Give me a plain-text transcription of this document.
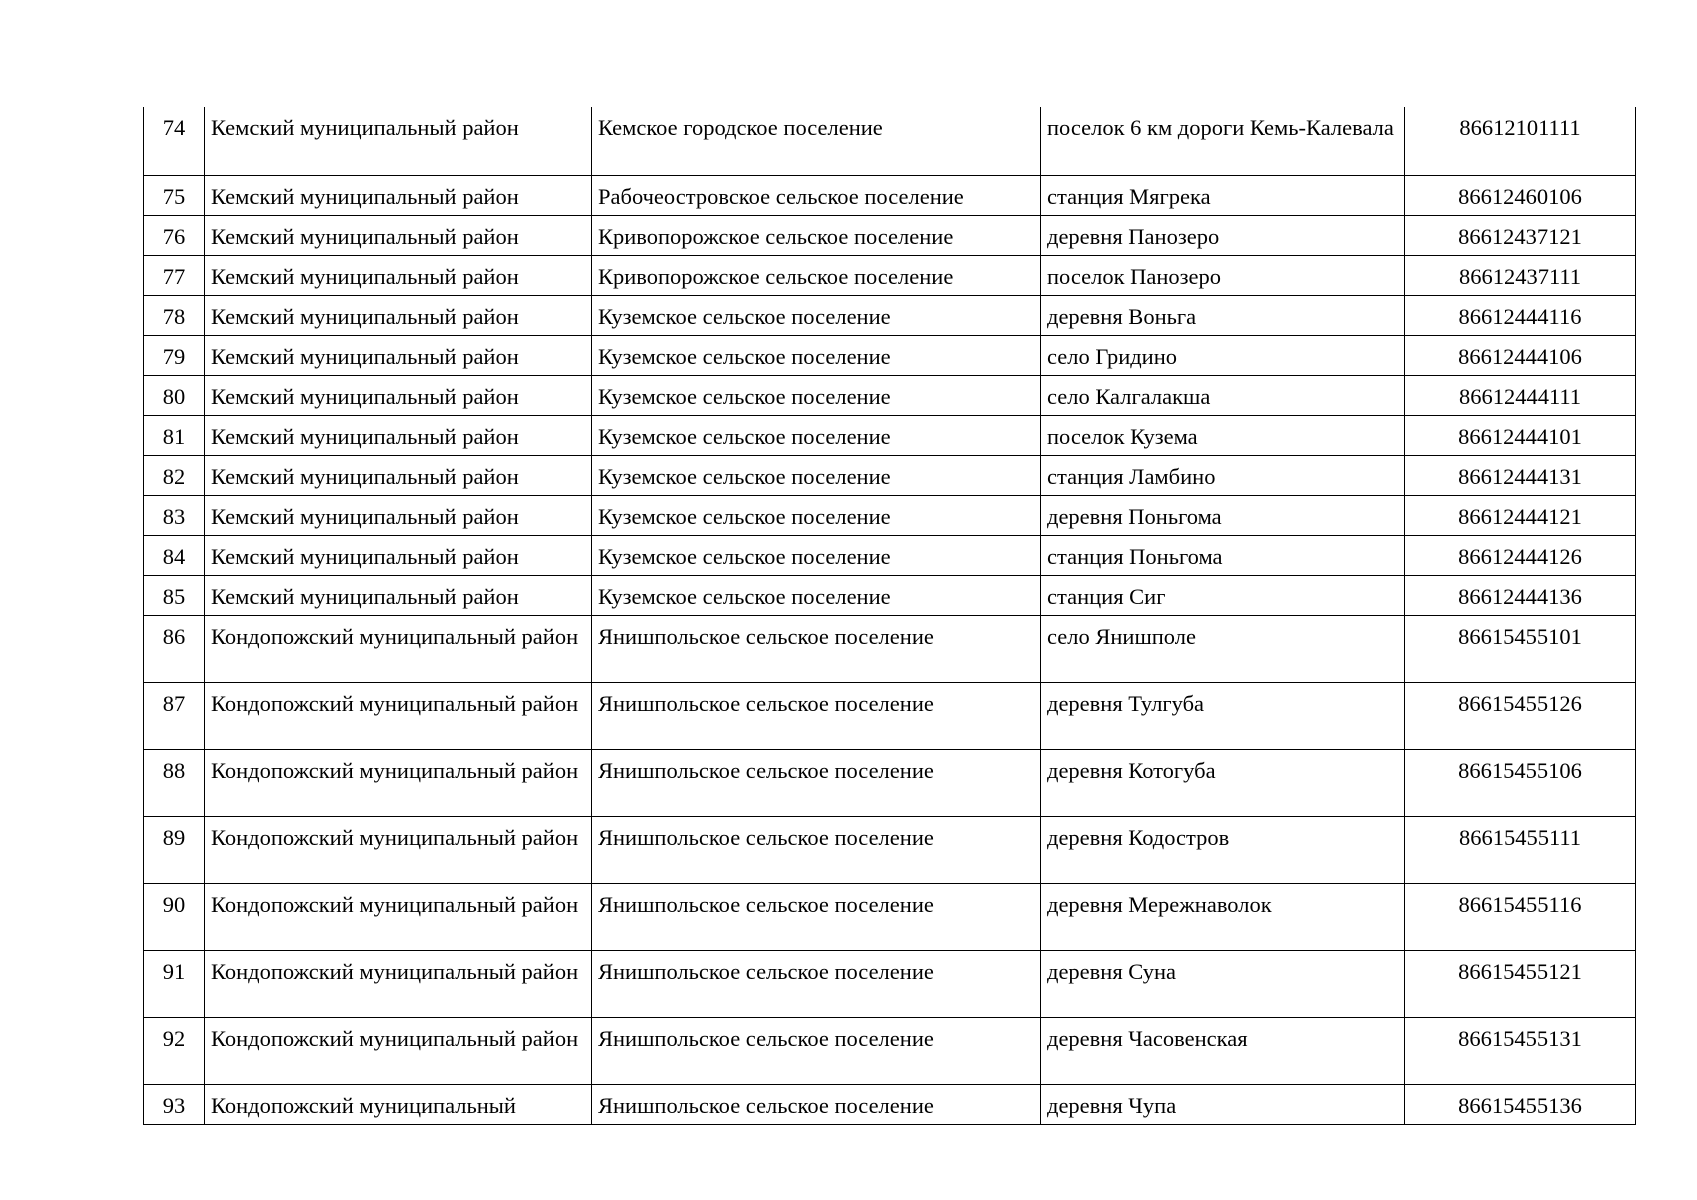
74	Кемский муниципальный район	Кемское городское поселение	поселок 6 км дороги Кемь-Калевала	86612101111
75	Кемский муниципальный район	Рабочеостровское сельское поселение	станция Мягрека	86612460106
76	Кемский муниципальный район	Кривопорожское сельское поселение	деревня Панозеро	86612437121
77	Кемский муниципальный район	Кривопорожское сельское поселение	поселок Панозеро	86612437111
78	Кемский муниципальный район	Куземское сельское поселение	деревня Воньга	86612444116
79	Кемский муниципальный район	Куземское сельское поселение	село Гридино	86612444106
80	Кемский муниципальный район	Куземское сельское поселение	село Калгалакша	86612444111
81	Кемский муниципальный район	Куземское сельское поселение	поселок Кузема	86612444101
82	Кемский муниципальный район	Куземское сельское поселение	станция Ламбино	86612444131
83	Кемский муниципальный район	Куземское сельское поселение	деревня Поньгома	86612444121
84	Кемский муниципальный район	Куземское сельское поселение	станция Поньгома	86612444126
85	Кемский муниципальный район	Куземское сельское поселение	станция Сиг	86612444136
86	Кондопожский муниципальный район	Янишпольское сельское поселение	село Янишполе	86615455101
87	Кондопожский муниципальный район	Янишпольское сельское поселение	деревня Тулгуба	86615455126
88	Кондопожский муниципальный район	Янишпольское сельское поселение	деревня Котогуба	86615455106
89	Кондопожский муниципальный район	Янишпольское сельское поселение	деревня Кодостров	86615455111
90	Кондопожский муниципальный район	Янишпольское сельское поселение	деревня Мережнаволок	86615455116
91	Кондопожский муниципальный район	Янишпольское сельское поселение	деревня Суна	86615455121
92	Кондопожский муниципальный район	Янишпольское сельское поселение	деревня Часовенская	86615455131
93	Кондопожский муниципальный	Янишпольское сельское поселение	деревня Чупа	86615455136
